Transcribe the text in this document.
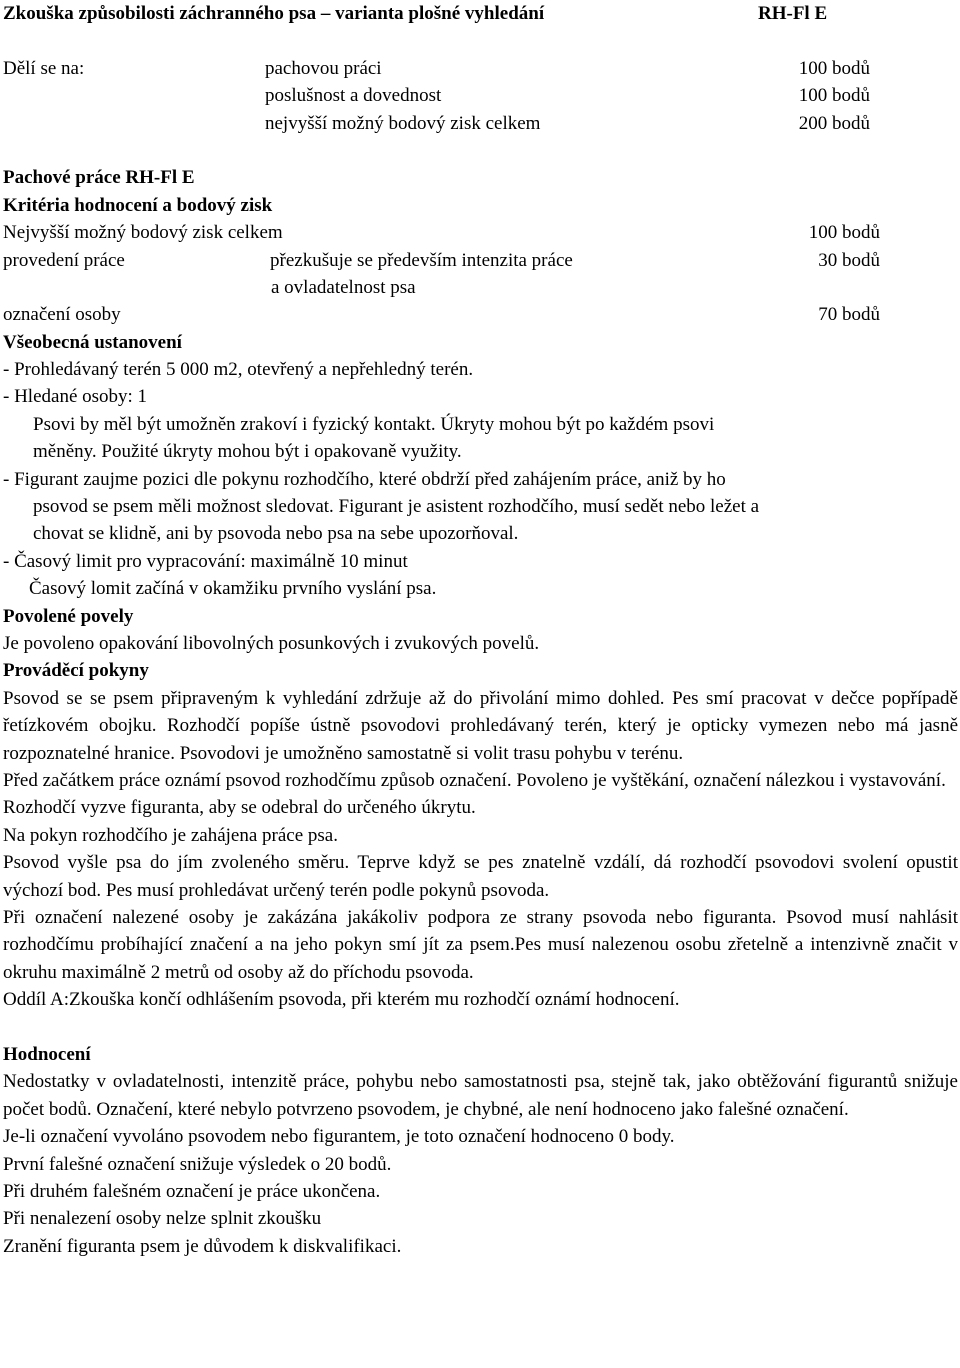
Zkouška způsobilosti záchranného psa – varianta plošné vyhledání	RH-Fl E
Dělí se na:	pachovou práci	100 bodů
poslušnost a dovednost	100 bodů
nejvyšší možný bodový zisk celkem	200 bodů
Pachové práce RH-Fl E
Kritéria hodnocení a bodový zisk
Nejvyšší možný bodový zisk celkem	100 bodů
provedení práce	přezkušuje se především intenzita práce	30 bodů
a ovladatelnost psa
označení osoby	70 bodů
Všeobecná ustanovení
- Prohledávaný terén 5 000 m2, otevřený a nepřehledný terén.
- Hledané osoby: 1
Psovi by měl být umožněn zrakoví i fyzický kontakt. Úkryty mohou být po každém psovi
měněny. Použité úkryty mohou být i opakovaně využity.
- Figurant zaujme pozici dle pokynu rozhodčího, které obdrží před zahájením práce, aniž by ho
psovod se psem měli možnost sledovat. Figurant je asistent rozhodčího, musí sedět nebo ležet a
chovat se klidně, ani by psovoda nebo psa na sebe upozorňoval.
- Časový limit pro vypracování: maximálně 10 minut
Časový lomit začíná v okamžiku prvního vyslání psa.
Povolené povely
Je povoleno opakování libovolných posunkových i zvukových povelů.
Prováděcí pokyny

Psovod se se psem připraveným k vyhledání zdržuje až do přivolání mimo dohled. Pes smí pracovat v dečce popřípadě řetízkovém obojku. Rozhodčí popíše ústně psovodovi prohledávaný terén, který je opticky vymezen nebo má jasně rozpoznatelné hranice. Psovodovi je umožněno samostatně si volit trasu pohybu v terénu.

Před začátkem práce oznámí psovod rozhodčímu způsob označení. Povoleno je vyštěkání, označení nálezkou i vystavování.

Rozhodčí vyzve figuranta, aby se odebral do určeného úkrytu.

Na pokyn rozhodčího je zahájena práce psa.

Psovod vyšle psa do jím zvoleného směru. Teprve když se pes znatelně vzdálí, dá rozhodčí psovodovi svolení opustit výchozí bod. Pes musí prohledávat určený terén podle pokynů psovoda.

Při označení nalezené osoby je zakázána jakákoliv podpora ze strany psovoda nebo figuranta. Psovod musí nahlásit rozhodčímu probíhající značení a na jeho pokyn smí jít za psem.Pes musí nalezenou osobu zřetelně a intenzivně značit v okruhu maximálně 2 metrů od osoby až do příchodu psovoda.

Oddíl A:Zkouška končí odhlášením psovoda, při kterém mu rozhodčí oznámí hodnocení.

Hodnocení

Nedostatky v ovladatelnosti, intenzitě práce, pohybu nebo samostatnosti psa, stejně tak, jako obtěžování figurantů snižuje počet bodů. Označení, které nebylo potvrzeno psovodem, je chybné, ale není hodnoceno jako falešné označení.

Je-li označení vyvoláno psovodem nebo figurantem, je toto označení hodnoceno 0 body.

První falešné označení snižuje výsledek o 20 bodů.

Při druhém falešném označení je práce ukončena.

Při nenalezení osoby nelze splnit zkoušku

Zranění figuranta psem je důvodem k diskvalifikaci.
